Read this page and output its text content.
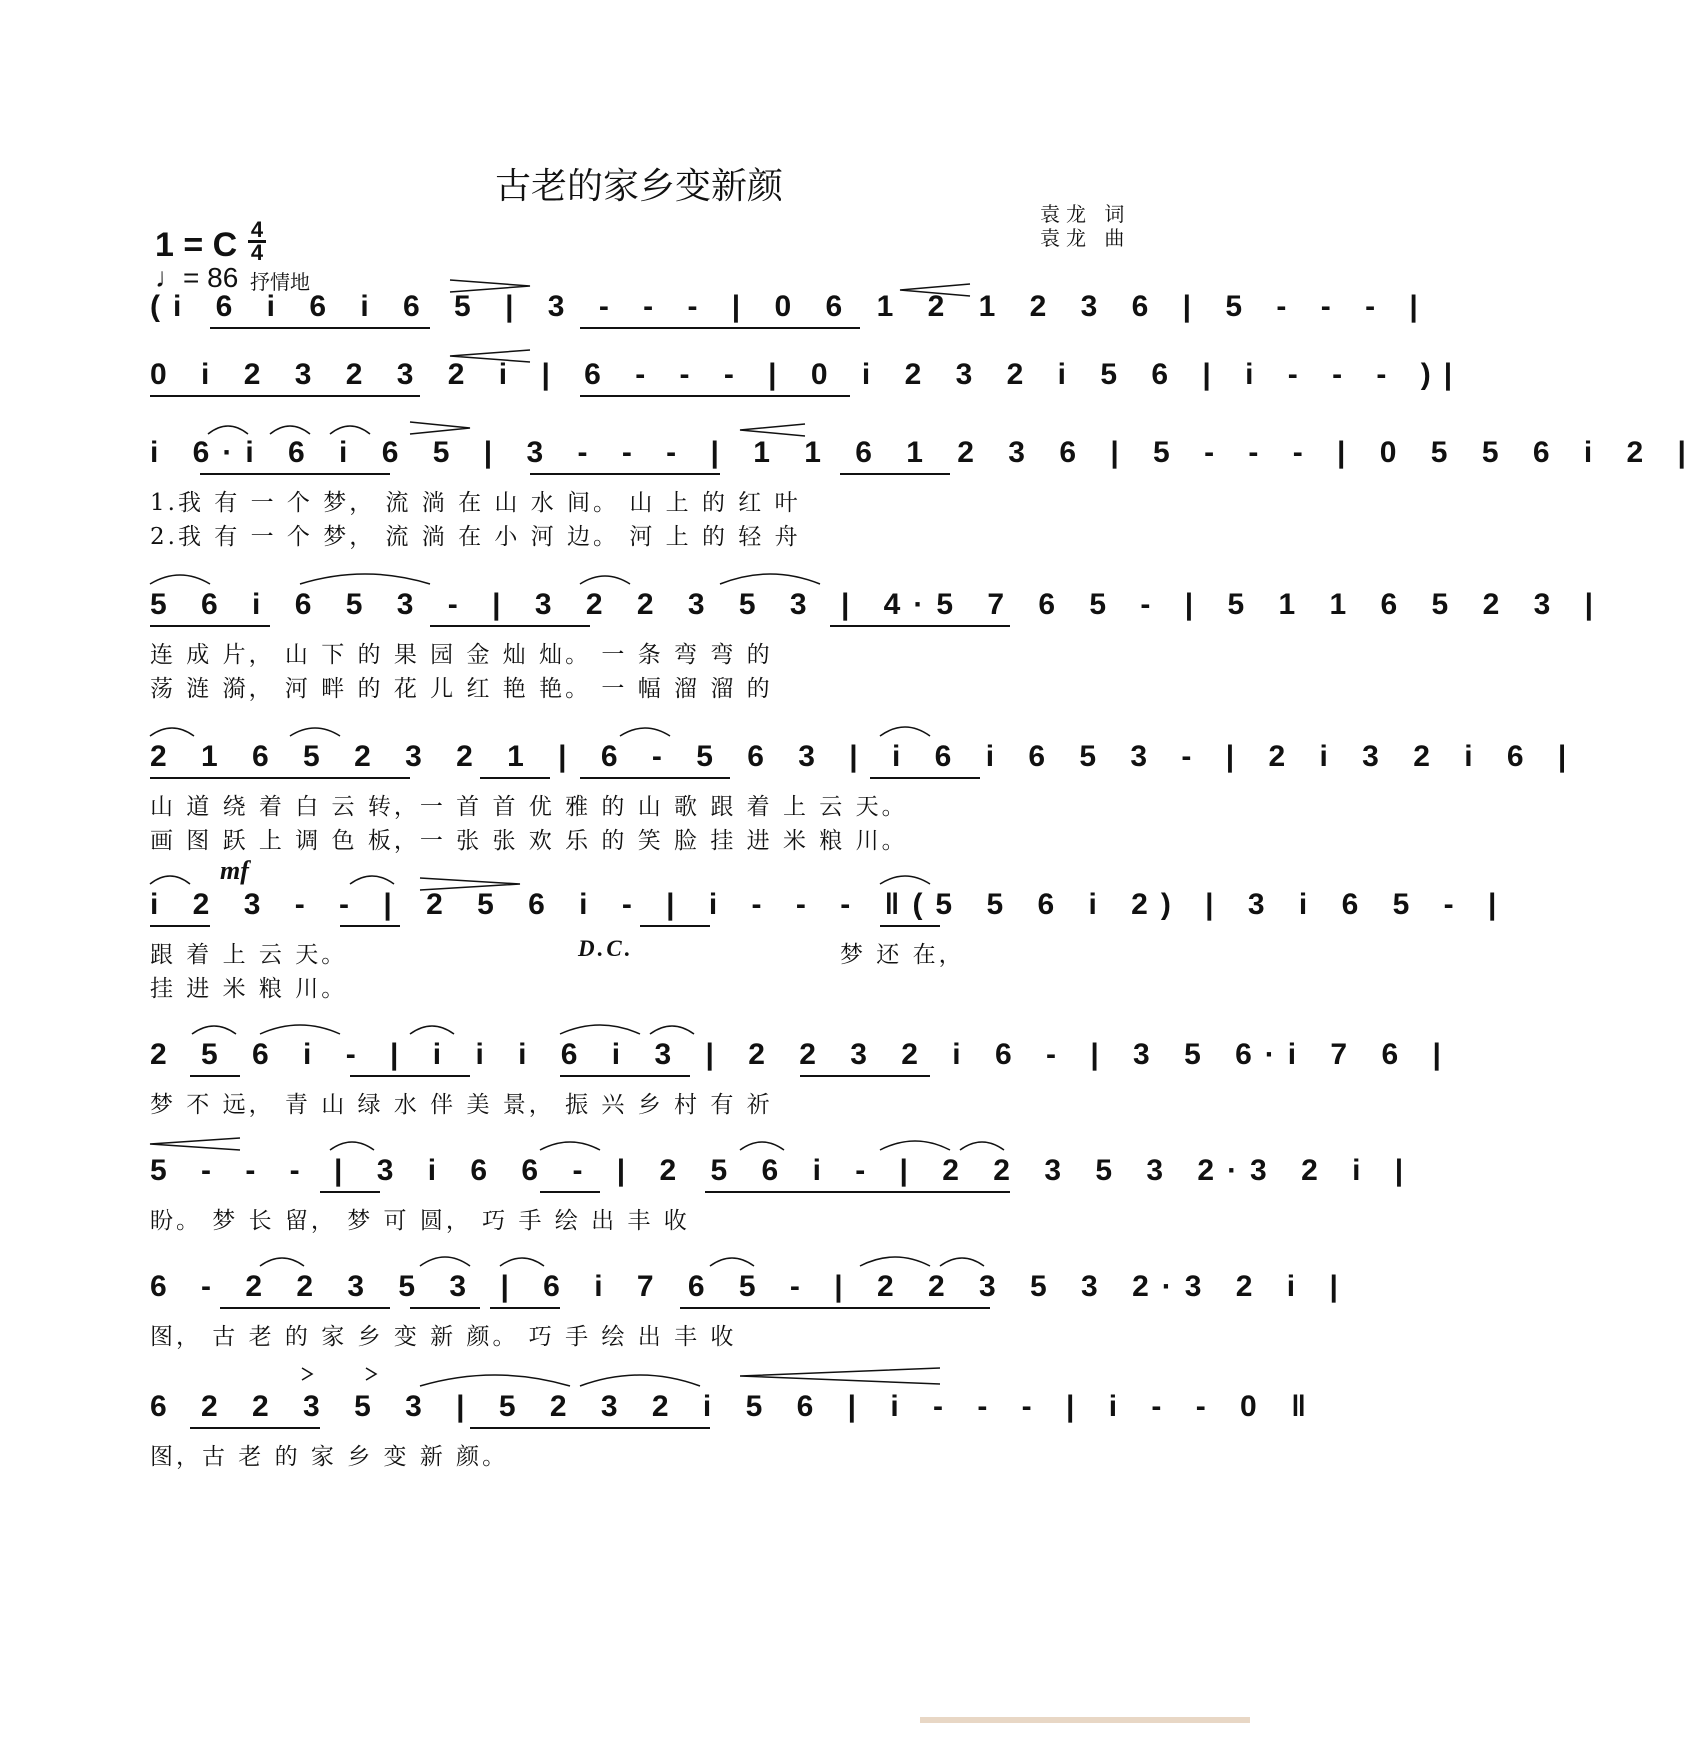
古老的家乡变新颜
1 = C 4
4
♩= 86 抒情地
袁龙 词
袁龙 曲
(i 6 i 6 i 6 5 | 3 - - - | 0 6 1 2 1 2 3 6 | 5 - - - |
0 i 2 3 2 3 2 i | 6 - - - | 0 i 2 3 2 i 5 6 | i - - - )|
i 6·i 6 i 6 5 | 3 - - - | 1 1 6 1 2 3 6 | 5 - - - | 0 5 5 6 i 2 |
1.我 有 一 个 梦， 流 淌 在 山 水 间。 山 上 的 红 叶
2.我 有 一 个 梦， 流 淌 在 小 河 边。 河 上 的 轻 舟
5 6 i 6 5 3 - | 3 2 2 3 5 3 | 4·5 7 6 5 - | 5 1 1 6 5 2 3 |
连 成 片， 山 下 的 果 园 金 灿 灿。 一 条 弯 弯 的
荡 涟 漪， 河 畔 的 花 儿 红 艳 艳。 一 幅 溜 溜 的
2 1 6 5 2 3 2 1 | 6 - 5 6 3 | i 6 i 6 5 3 - | 2 i 3 2 i 6 |
山 道 绕 着 白 云 转，一 首 首 优 雅 的 山 歌 跟 着 上 云 天。
画 图 跃 上 调 色 板，一 张 张 欢 乐 的 笑 脸 挂 进 米 粮 川。
mf
i 2 3 - - | 2 5 6 i - | i - - - ‖(5 5 6 i 2) | 3 i 6 5 - |
跟 着 上 云 天。
挂 进 米 粮 川。
D.C.	梦 还 在，
2 5 6 i - | i i i 6 i 3 | 2 2 3 2 i 6 - | 3 5 6·i 7 6 |
梦 不 远， 青 山 绿 水 伴 美 景， 振 兴 乡 村 有 祈
5 - - - | 3 i 6 6 - | 2 5 6 i - | 2 2 3 5 3 2·3 2 i |
盼。 梦 长 留， 梦 可 圆， 巧 手 绘 出 丰 收
6 - 2 2 3 5 3 | 6 i 7 6 5 - | 2 2 3 5 3 2·3 2 i |
图， 古 老 的 家 乡 变 新 颜。 巧 手 绘 出 丰 收
6 2 2 3 5 3 | 5 2 3 2 i 5 6 | i - - - | i - - 0 ‖
图，古 老 的 家 乡 变 新 颜。
